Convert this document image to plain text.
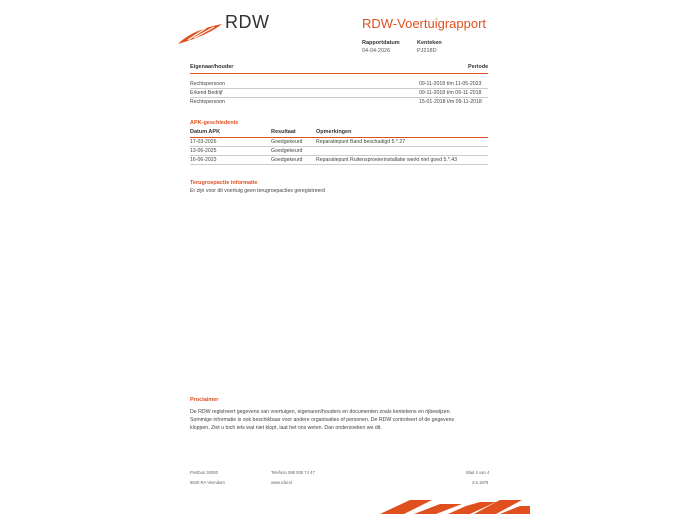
RDW	RDW-Voertuigrapport
Rapportdatum
04-04-2026
Kenteken
PJ218D
Eigenaar/houder	Periode
Rechtspersoon	09-11-2018 t/m 11-05-2023
Erkend Bedrijf	09-11-2018 t/m 09-11-2018
Rechtspersoon	15-01-2018 t/m 09-11-2018
APK-geschiedenis
Datum APK	Resultaat	Opmerkingen
17-03-2026	Goedgekeurd	Reparatiepunt Band beschadigd 5.*.27
13-06-2025	Goedgekeurd
16-06-2023	Goedgekeurd	Reparatiepunt Ruitensproeierinstallatie werkt niet goed 5.*.43
Terugroepactie informatie
Er zijn voor dit voertuig geen terugroepacties geregistreerd
Proclaimer
De RDW registreert gegevens van voertuigen, eigenaren/houders en documenten zoals kentekens en rijbewijzen.
Sommige informatie is ook beschikbaar voor andere organisaties of personen. De RDW controleert of de gegevens
kloppen. Ziet u toch iets wat niet klopt, laat het ons weten. Dan onderzoeken we dit.
Postbus 30000
9640 RA Veendam
Telefoon 088 008 74 47
www.rdw.nl
Blad 4 van 4
3.6.1878
